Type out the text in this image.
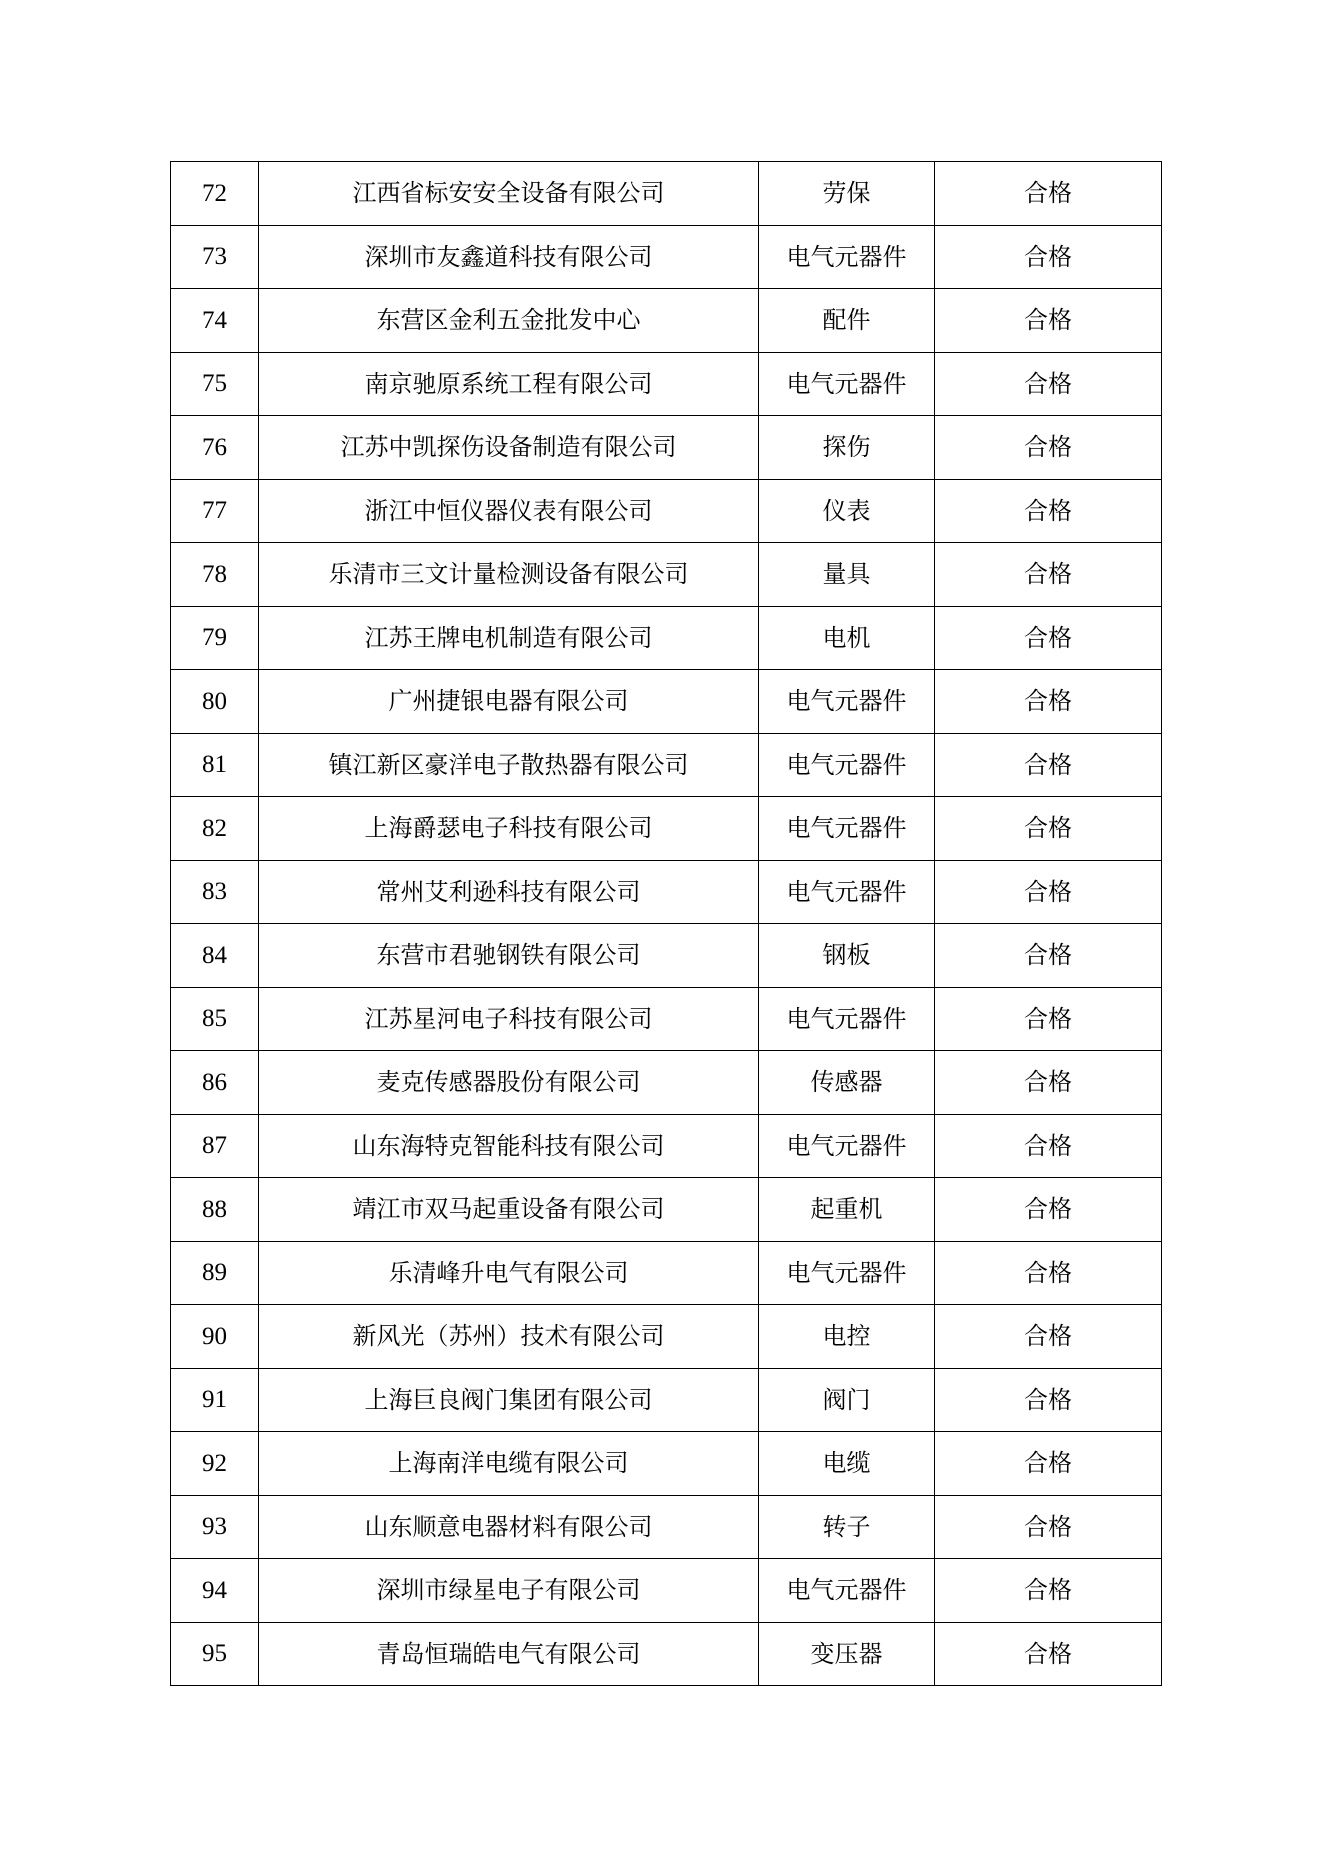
72	江西省标安安全设备有限公司	劳保	合格
73	深圳市友鑫道科技有限公司	电气元器件	合格
74	东营区金利五金批发中心	配件	合格
75	南京驰原系统工程有限公司	电气元器件	合格
76	江苏中凯探伤设备制造有限公司	探伤	合格
77	浙江中恒仪器仪表有限公司	仪表	合格
78	乐清市三文计量检测设备有限公司	量具	合格
79	江苏王牌电机制造有限公司	电机	合格
80	广州捷银电器有限公司	电气元器件	合格
81	镇江新区豪洋电子散热器有限公司	电气元器件	合格
82	上海爵瑟电子科技有限公司	电气元器件	合格
83	常州艾利逊科技有限公司	电气元器件	合格
84	东营市君驰钢铁有限公司	钢板	合格
85	江苏星河电子科技有限公司	电气元器件	合格
86	麦克传感器股份有限公司	传感器	合格
87	山东海特克智能科技有限公司	电气元器件	合格
88	靖江市双马起重设备有限公司	起重机	合格
89	乐清峰升电气有限公司	电气元器件	合格
90	新风光（苏州）技术有限公司	电控	合格
91	上海巨良阀门集团有限公司	阀门	合格
92	上海南洋电缆有限公司	电缆	合格
93	山东顺意电器材料有限公司	转子	合格
94	深圳市绿星电子有限公司	电气元器件	合格
95	青岛恒瑞皓电气有限公司	变压器	合格
